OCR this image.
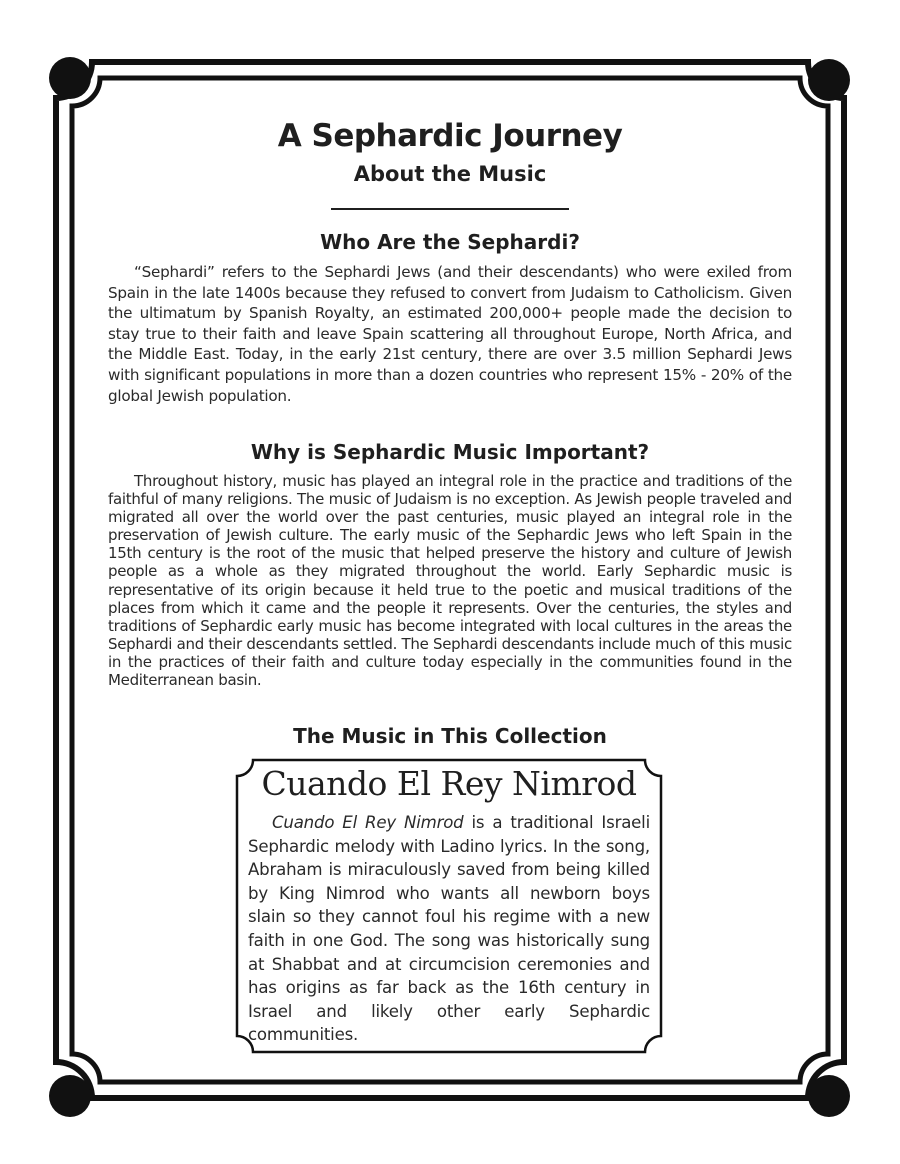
A Sephardic Journey
About the Music
Who Are the Sephardi?

“Sephardi” refers to the Sephardi Jews (and their descendants) who were exiled from Spain in the late 1400s because they refused to convert from Judaism to Catholicism. Given the ultimatum by Spanish Royalty, an estimated 200,000+ people made the decision to stay true to their faith and leave Spain scattering all throughout Europe, North Africa, and the Middle East. Today, in the early 21st century, there are over 3.5 million Sephardi Jews with significant populations in more than a dozen countries who represent 15% - 20% of the global Jewish population.

Why is Sephardic Music Important?

Throughout history, music has played an integral role in the practice and traditions of the faithful of many religions. The music of Judaism is no exception. As Jewish people traveled and migrated all over the world over the past centuries, music played an integral role in the preservation of Jewish culture. The early music of the Sephardic Jews who left Spain in the 15th century is the root of the music that helped preserve the history and culture of Jewish people as a whole as they migrated throughout the world. Early Sephardic music is representative of its origin because it held true to the poetic and musical traditions of the places from which it came and the people it represents. Over the centuries, the styles and traditions of Sephardic early music has become integrated with local cultures in the areas the Sephardi and their descendants settled. The Sephardi descendants include much of this music in the practices of their faith and culture today especially in the communities found in the Mediterranean basin.

The Music in This Collection
Cuando El Rey Nimrod

Cuando El Rey Nimrod is a traditional Israeli Sephardic melody with Ladino lyrics. In the song, Abraham is miraculously saved from being killed by King Nimrod who wants all newborn boys slain so they cannot foul his regime with a new faith in one God. The song was historically sung at Shabbat and at circumcision ceremonies and has origins as far back as the 16th century in Israel and likely other early Sephardic communities.
